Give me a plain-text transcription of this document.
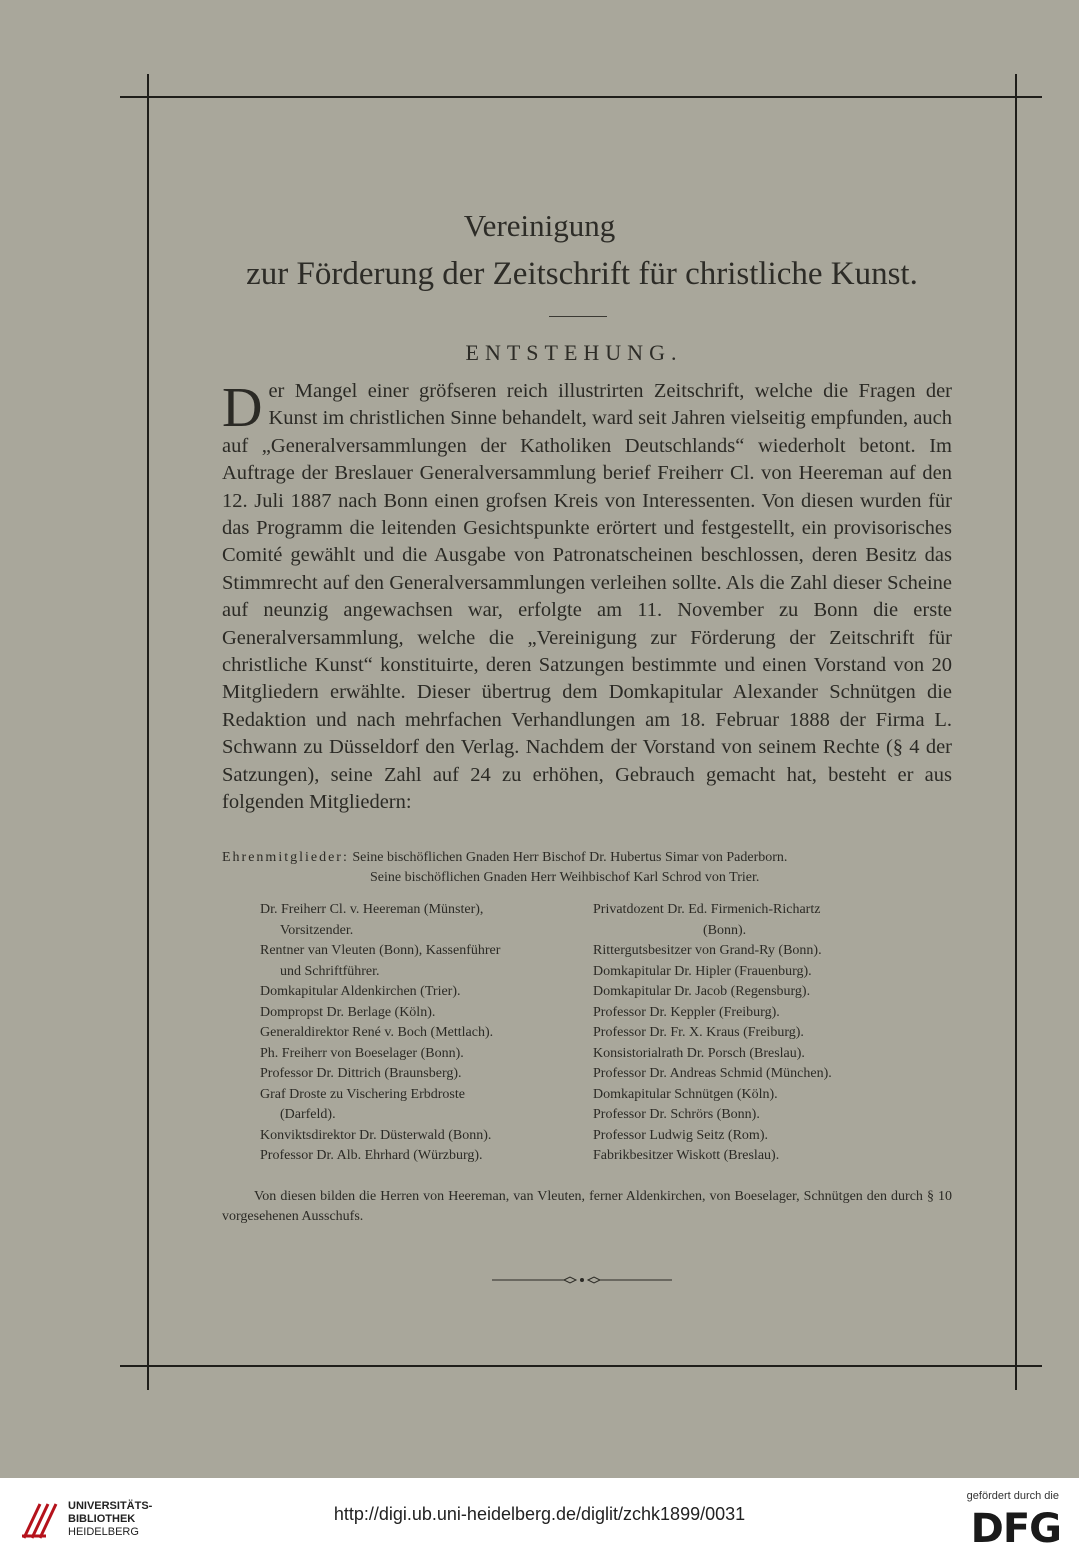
Vereinigung
zur Förderung der Zeitschrift für christliche Kunst.
ENTSTEHUNG.
Der Mangel einer gröfseren reich illustrirten Zeitschrift, welche die Fragen der Kunst im christlichen Sinne behandelt, ward seit Jahren vielseitig empfunden, auch auf „Generalversammlungen der Katholiken Deutschlands“ wiederholt betont. Im Auftrage der Breslauer Generalversammlung berief Freiherr Cl. von Heereman auf den 12. Juli 1887 nach Bonn einen grofsen Kreis von Interessenten. Von diesen wurden für das Programm die leitenden Gesichtspunkte erörtert und festgestellt, ein provisorisches Comité gewählt und die Ausgabe von Patronatscheinen beschlossen, deren Besitz das Stimmrecht auf den Generalversammlungen verleihen sollte. Als die Zahl dieser Scheine auf neunzig angewachsen war, erfolgte am 11. November zu Bonn die erste Generalversammlung, welche die „Vereinigung zur Förderung der Zeitschrift für christliche Kunst“ konstituirte, deren Satzungen bestimmte und einen Vorstand von 20 Mitgliedern erwählte. Dieser übertrug dem Domkapitular Alexander Schnütgen die Redaktion und nach mehrfachen Verhandlungen am 18. Februar 1888 der Firma L. Schwann zu Düsseldorf den Verlag. Nachdem der Vorstand von seinem Rechte (§ 4 der Satzungen), seine Zahl auf 24 zu erhöhen, Gebrauch gemacht hat, besteht er aus folgenden Mitgliedern:
Ehrenmitglieder: Seine bischöflichen Gnaden Herr Bischof Dr. Hubertus Simar von Paderborn.
Seine bischöflichen Gnaden Herr Weihbischof Karl Schrod von Trier.
Dr. Freiherr Cl. v. Heereman (Münster),
Vorsitzender.
Rentner van Vleuten (Bonn), Kassenführer
und Schriftführer.
Domkapitular Aldenkirchen (Trier).
Dompropst Dr. Berlage (Köln).
Generaldirektor René v. Boch (Mettlach).
Ph. Freiherr von Boeselager (Bonn).
Professor Dr. Dittrich (Braunsberg).
Graf Droste zu Vischering Erbdroste
(Darfeld).
Konviktsdirektor Dr. Düsterwald (Bonn).
Professor Dr. Alb. Ehrhard (Würzburg).
Privatdozent Dr. Ed. Firmenich-Richartz
(Bonn).
Rittergutsbesitzer von Grand-Ry (Bonn).
Domkapitular Dr. Hipler (Frauenburg).
Domkapitular Dr. Jacob (Regensburg).
Professor Dr. Keppler (Freiburg).
Professor Dr. Fr. X. Kraus (Freiburg).
Konsistorialrath Dr. Porsch (Breslau).
Professor Dr. Andreas Schmid (München).
Domkapitular Schnütgen (Köln).
Professor Dr. Schrörs (Bonn).
Professor Ludwig Seitz (Rom).
Fabrikbesitzer Wiskott (Breslau).
Von diesen bilden die Herren von Heereman, van Vleuten, ferner Aldenkirchen, von Boeselager, Schnütgen den durch § 10 vorgesehenen Ausschufs.
UNIVERSITÄTS-
BIBLIOTHEK
HEIDELBERG
http://digi.ub.uni-heidelberg.de/diglit/zchk1899/0031
gefördert durch die
DFG
